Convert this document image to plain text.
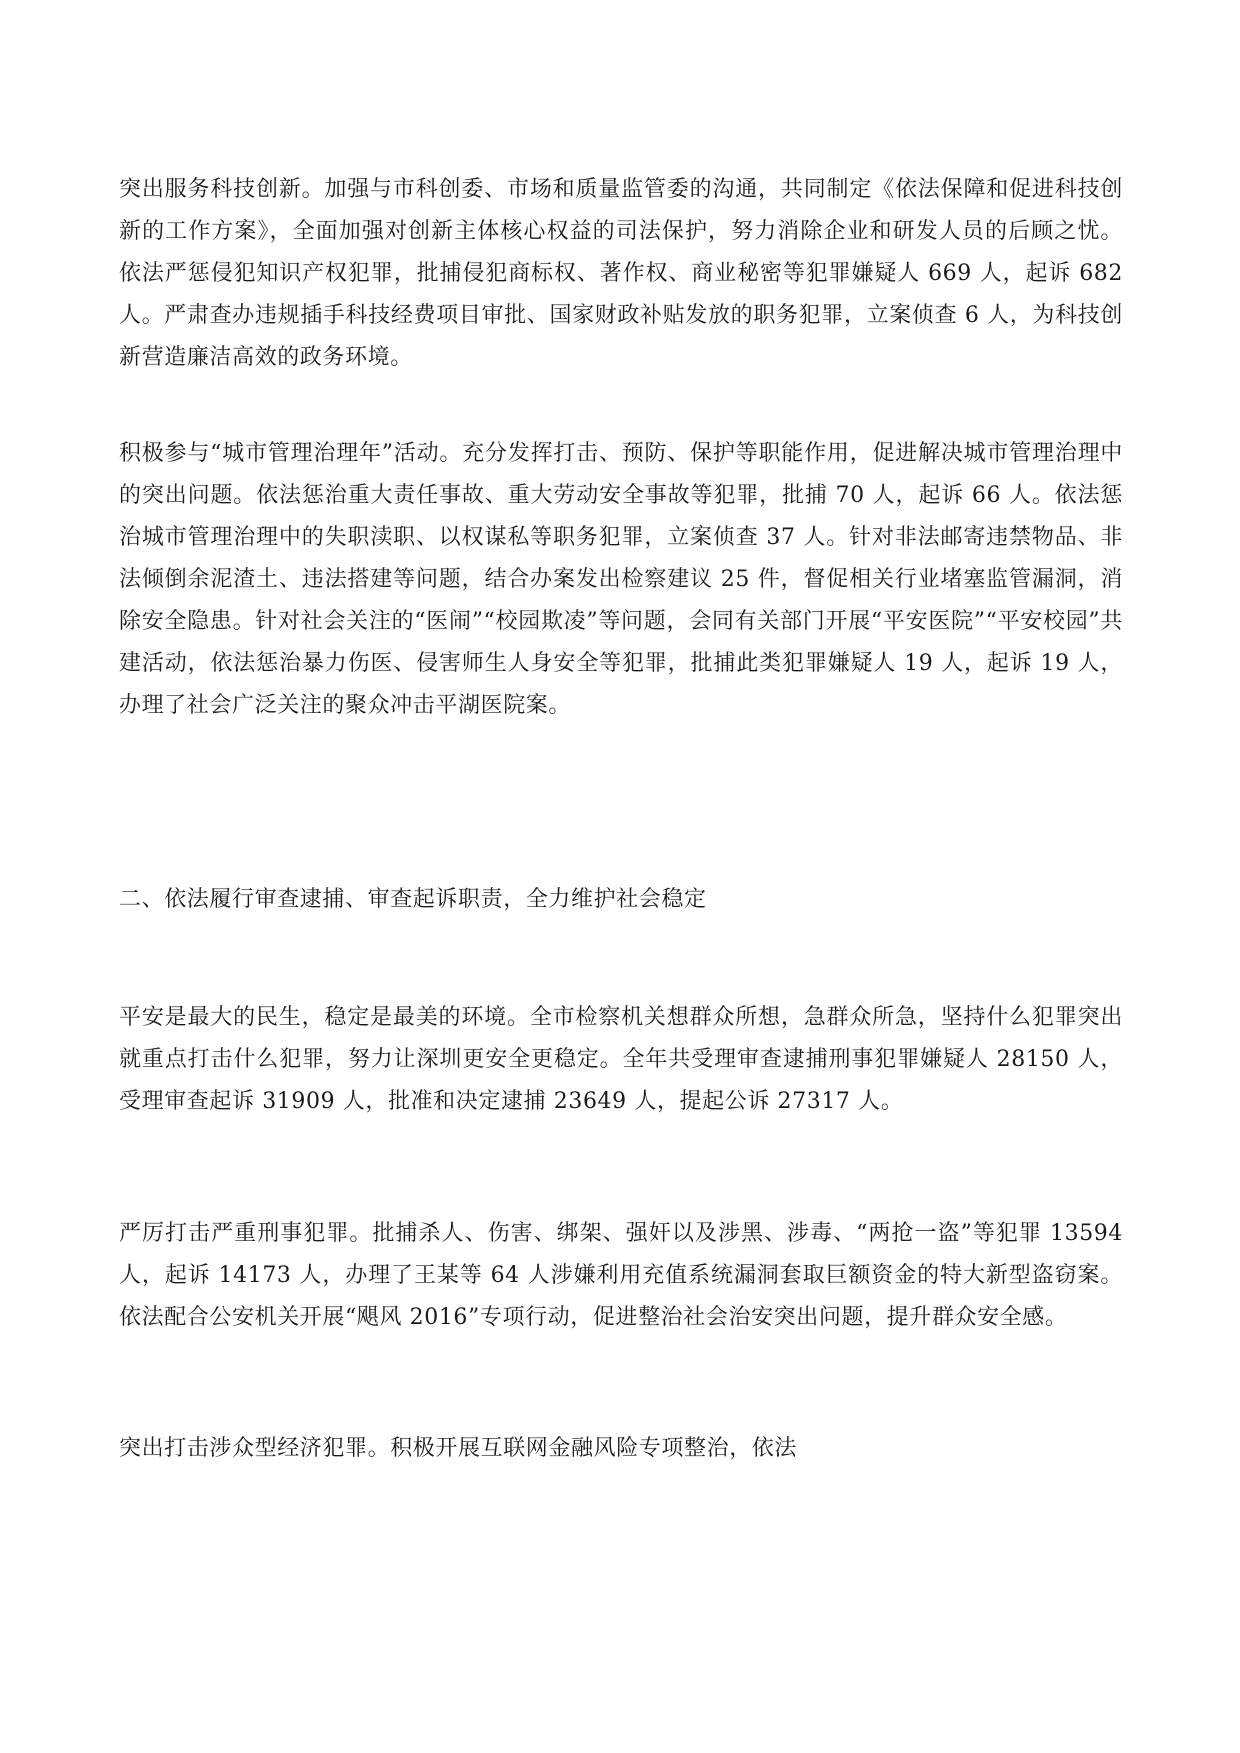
突出服务科技创新。加强与市科创委、市场和质量监管委的沟通，共同制定《依法保障和促进科技创新的工作方案》，全面加强对创新主体核心权益的司法保护，努力消除企业和研发人员的后顾之忧。依法严惩侵犯知识产权犯罪，批捕侵犯商标权、著作权、商业秘密等犯罪嫌疑人 669 人，起诉 682 人。严肃查办违规插手科技经费项目审批、国家财政补贴发放的职务犯罪，立案侦查 6 人，为科技创新营造廉洁高效的政务环境。

积极参与“城市管理治理年”活动。充分发挥打击、预防、保护等职能作用，促进解决城市管理治理中的突出问题。依法惩治重大责任事故、重大劳动安全事故等犯罪，批捕 70 人，起诉 66 人。依法惩治城市管理治理中的失职渎职、以权谋私等职务犯罪，立案侦查 37 人。针对非法邮寄违禁物品、非法倾倒余泥渣土、违法搭建等问题，结合办案发出检察建议 25 件，督促相关行业堵塞监管漏洞，消除安全隐患。针对社会关注的“医闹”“校园欺凌”等问题，会同有关部门开展“平安医院”“平安校园”共建活动，依法惩治暴力伤医、侵害师生人身安全等犯罪，批捕此类犯罪嫌疑人 19 人，起诉 19 人，办理了社会广泛关注的聚众冲击平湖医院案。

二、依法履行审查逮捕、审查起诉职责，全力维护社会稳定

平安是最大的民生，稳定是最美的环境。全市检察机关想群众所想，急群众所急，坚持什么犯罪突出就重点打击什么犯罪，努力让深圳更安全更稳定。全年共受理审查逮捕刑事犯罪嫌疑人 28150 人，受理审查起诉 31909 人，批准和决定逮捕 23649 人，提起公诉 27317 人。

严厉打击严重刑事犯罪。批捕杀人、伤害、绑架、强奸以及涉黑、涉毒、“两抢一盗”等犯罪 13594 人，起诉 14173 人，办理了王某等 64 人涉嫌利用充值系统漏洞套取巨额资金的特大新型盗窃案。依法配合公安机关开展“飓风 2016”专项行动，促进整治社会治安突出问题，提升群众安全感。

突出打击涉众型经济犯罪。积极开展互联网金融风险专项整治，依法
